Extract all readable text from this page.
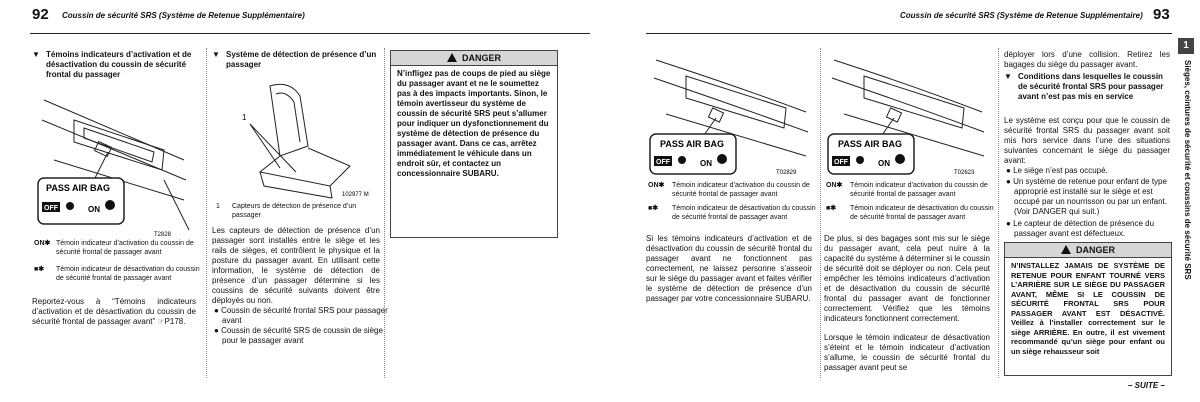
92 Coussin de sécurité SRS (Système de Retenue Supplémentaire)
▼ Témoins indicateurs d’activation et de désactivation du coussin de sécurité frontal du passager
PASS AIR BAG
OFF	ON
T2828
ON✱ Témoin indicateur d’activation du coussin de sécurité frontal de passager avant
■✱	Témoin indicateur de désactivation du coussin de sécurité frontal de passager avant
Reportez-vous à “Témoins indicateurs d’activation et de désactivation du coussin de sécurité frontal de passager avant” ☞P178.
▼ Système de détection de présence d’un passager
1
102977 M
1	Capteurs de détection de présence d’un passager
Les capteurs de détection de présence d’un passager sont installés entre le siège et les rails de sièges, et contrôlent le physique et la posture du passager avant. En utilisant cette information, le système de détection de présence d’un passager détermine si les coussins de sécurité suivants doivent être déployés ou non.
● Coussin de sécurité frontal SRS pour passager avant
● Coussin de sécurité SRS de coussin de siège pour le passager avant
DANGER
N’infligez pas de coups de pied au siège du passager avant et ne le soumettez pas à des impacts importants. Sinon, le témoin avertisseur du système de coussin de sécurité SRS peut s’allumer pour indiquer un dysfonctionnement du système de détection de présence du passager avant. Dans ce cas, arrêtez immédiatement le véhicule dans un endroit sûr, et contactez un concessionnaire SUBARU.
Coussin de sécurité SRS (Système de Retenue Supplémentaire) 93
PASS AIR BAG
OFF	ON
T02829
ON✱	Témoin indicateur d’activation du coussin de sécurité frontal de passager avant
■✱	Témoin indicateur de désactivation du coussin de sécurité frontal de passager avant
Si les témoins indicateurs d’activation et de désactivation du coussin de sécurité frontal du passager avant ne fonctionnent pas correctement, ne laissez personne s’asseoir sur le siège du passager avant et faites vérifier le système de détection de présence d’un passager par votre concessionnaire SUBARU.
PASS AIR BAG
OFF	ON
T02623
ON✱	Témoin indicateur d’activation du coussin de sécurité frontal de passager avant
■✱	Témoin indicateur de désactivation du coussin de sécurité frontal de passager avant
De plus, si des bagages sont mis sur le siège du passager avant, cela peut nuire à la capacité du système à déterminer si le coussin de sécurité doit se déployer ou non. Cela peut empêcher les témoins indicateurs d’activation et de désactivation du coussin de sécurité frontal du passager avant de fonctionner correctement. Vérifiez que les témoins indicateurs fonctionnent correctement.
Lorsque le témoin indicateur de désactivation s’éteint et le témoin indicateur d’activation s’allume, le coussin de sécurité frontal du passager avant peut se
déployer lors d’une collision. Retirez les bagages du siège du passager avant.
▼ Conditions dans lesquelles le coussin de sécurité frontal SRS pour passager avant n’est pas mis en service
Le système est conçu pour que le coussin de sécurité frontal SRS du passager avant soit mis hors service dans l’une des situations suivantes concernant le siège du passager avant:
● Le siège n’est pas occupé.
● Un système de retenue pour enfant de type approprié est installé sur le siège et est occupé par un nourrisson ou par un enfant. (Voir DANGER qui suit.)
● Le capteur de détection de présence du passager avant est défectueux.
DANGER
N’INSTALLEZ JAMAIS DE SYSTÈME DE RETENUE POUR ENFANT TOURNÉ VERS L’ARRIÈRE SUR LE SIÈGE DU PASSAGER AVANT, MÊME SI LE COUSSIN DE SÉCURITÉ FRONTAL SRS POUR PASSAGER AVANT EST DÉSACTIVÉ. Veillez à l’installer correctement sur le siège ARRIÈRE. En outre, il est vivement recommandé qu’un siège pour enfant ou un siège rehausseur soit
– SUITE –
1
Sièges, ceintures de sécurité et coussins de sécurité SRS
